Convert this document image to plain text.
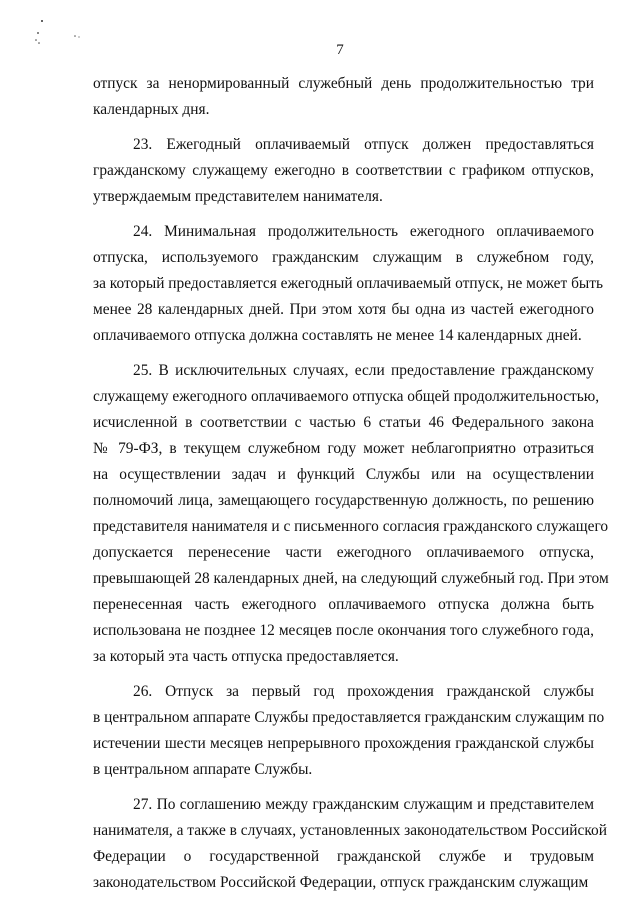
7
отпуск за ненормированный служебный день продолжительностью три
календарных дня.
23. Ежегодный оплачиваемый отпуск должен предоставляться
гражданскому служащему ежегодно в соответствии с графиком отпусков,
утверждаемым представителем нанимателя.
24. Минимальная продолжительность ежегодного оплачиваемого
отпуска, используемого гражданским служащим в служебном году,
за который предоставляется ежегодный оплачиваемый отпуск, не может быть
менее 28 календарных дней. При этом хотя бы одна из частей ежегодного
оплачиваемого отпуска должна составлять не менее 14 календарных дней.
25. В исключительных случаях, если предоставление гражданскому
служащему ежегодного оплачиваемого отпуска общей продолжительностью,
исчисленной в соответствии с частью 6 статьи 46 Федерального закона
№ 79-ФЗ, в текущем служебном году может неблагоприятно отразиться
на осуществлении задач и функций Службы или на осуществлении
полномочий лица, замещающего государственную должность, по решению
представителя нанимателя и с письменного согласия гражданского служащего
допускается перенесение части ежегодного оплачиваемого отпуска,
превышающей 28 календарных дней, на следующий служебный год. При этом
перенесенная часть ежегодного оплачиваемого отпуска должна быть
использована не позднее 12 месяцев после окончания того служебного года,
за который эта часть отпуска предоставляется.
26. Отпуск за первый год прохождения гражданской службы
в центральном аппарате Службы предоставляется гражданским служащим по
истечении шести месяцев непрерывного прохождения гражданской службы
в центральном аппарате Службы.
27. По соглашению между гражданским служащим и представителем
нанимателя, а также в случаях, установленных законодательством Российской
Федерации о государственной гражданской службе и трудовым
законодательством Российской Федерации, отпуск гражданским служащим
